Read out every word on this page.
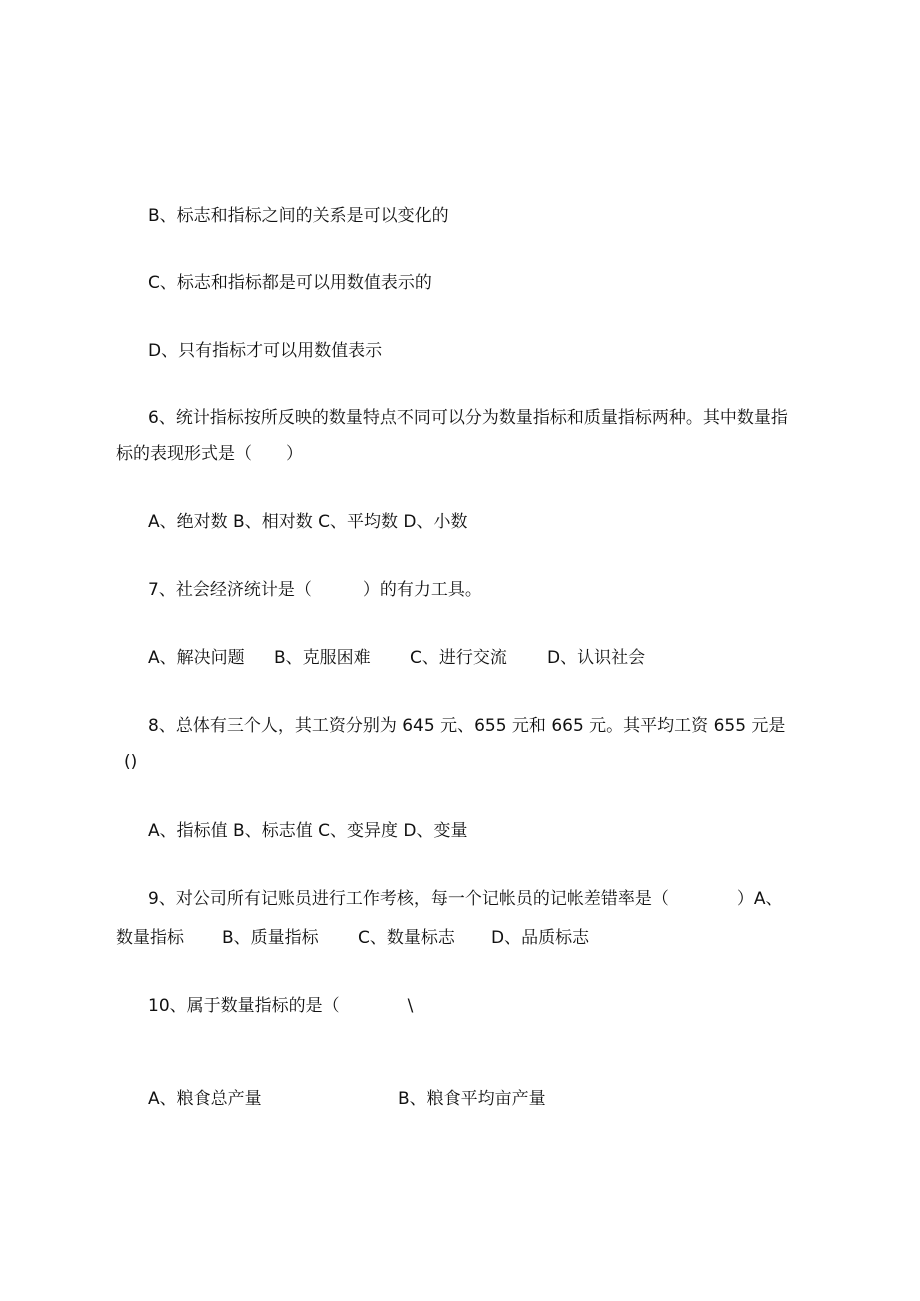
B、标志和指标之间的关系是可以变化的
C、标志和指标都是可以用数值表示的
D、只有指标才可以用数值表示
6、统计指标按所反映的数量特点不同可以分为数量指标和质量指标两种。其中数量指
标的表现形式是（　　）
A、绝对数 B、相对数 C、平均数 D、小数
7、社会经济统计是（　　　）的有力工具。
A、解决问题 B、克服困难 C、进行交流 D、认识社会
8、总体有三个人，其工资分别为 645 元、655 元和 665 元。其平均工资 655 元是
()
A、指标值 B、标志值 C、变异度 D、变量
9、对公司所有记账员进行工作考核，每一个记帐员的记帐差错率是（　　　　）A、
数量指标 B、质量指标 C、数量标志 D、品质标志
10、属于数量指标的是（　　　　\
A、粮食总产量	B、粮食平均亩产量
